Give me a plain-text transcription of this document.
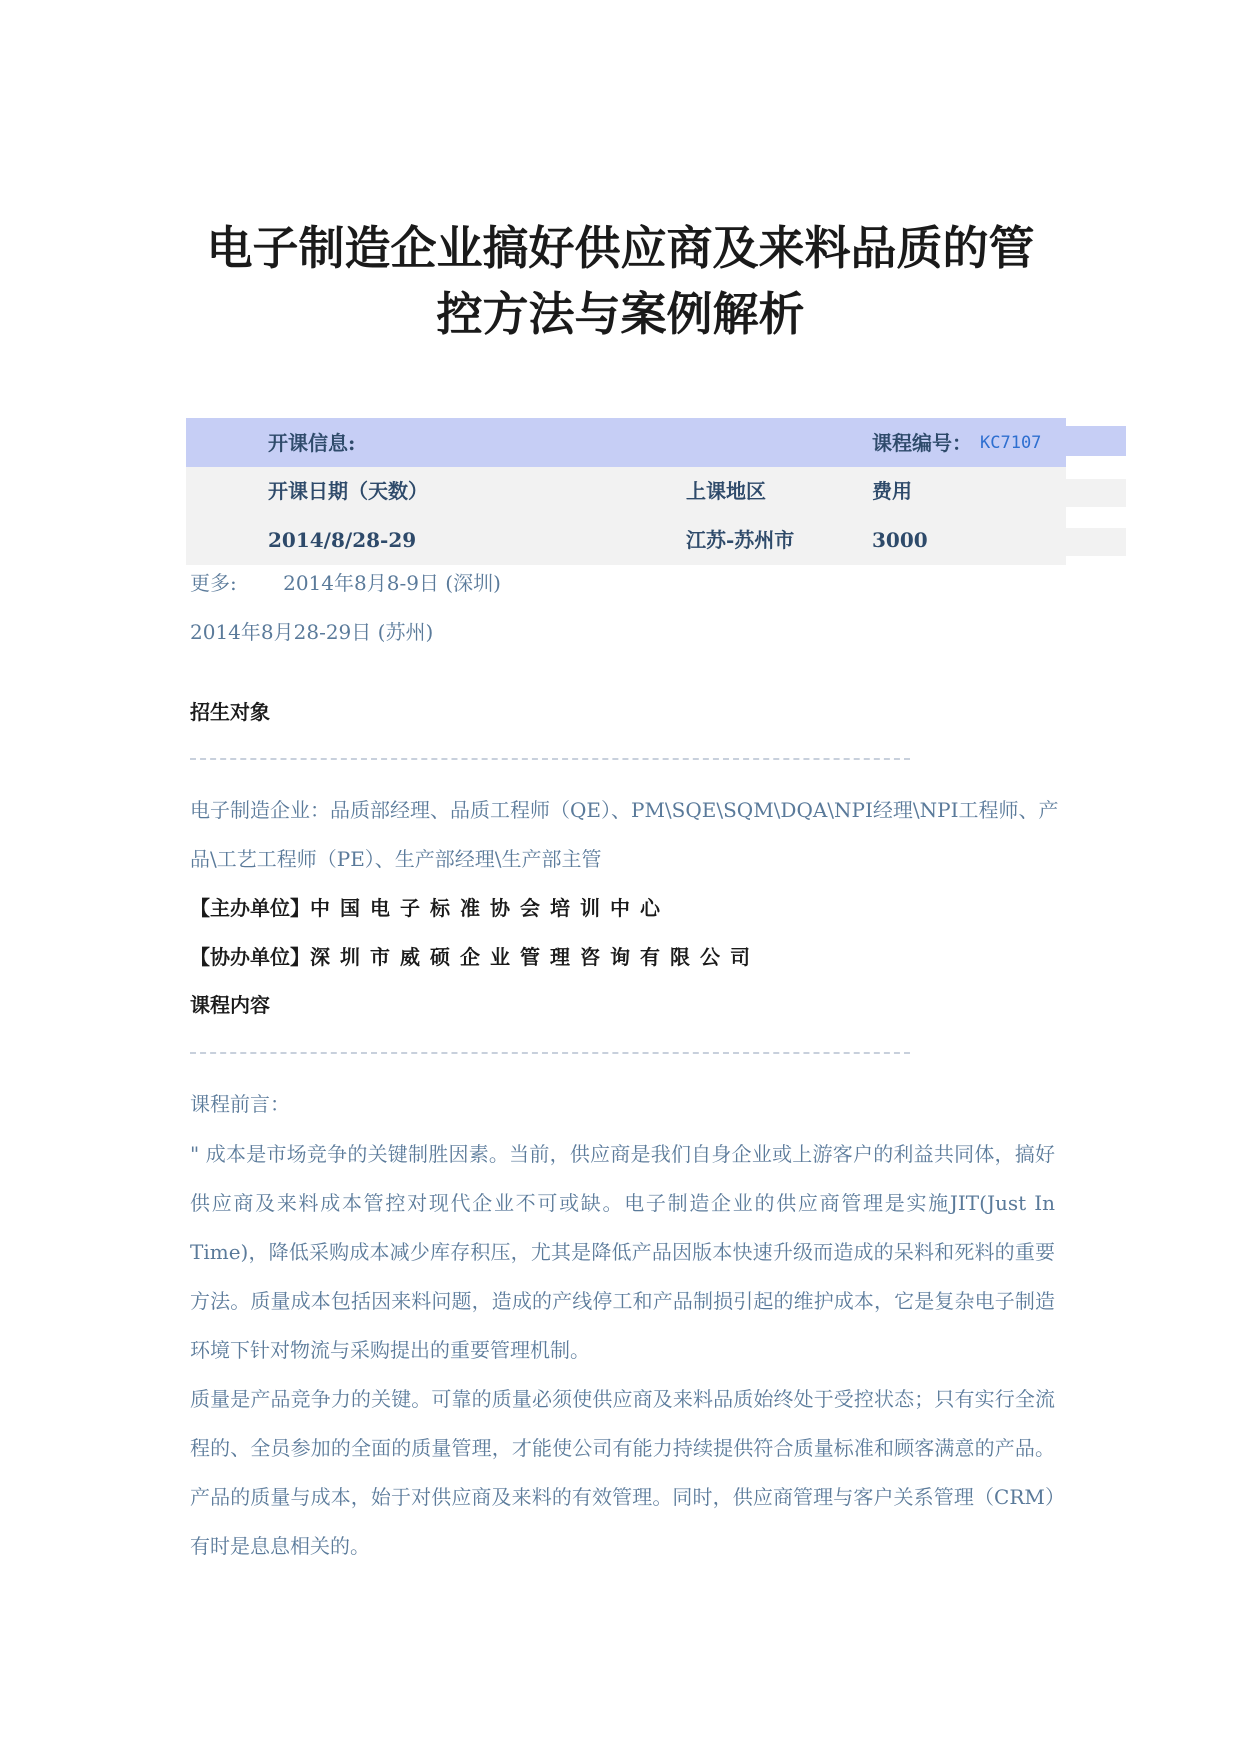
电子制造企业搞好供应商及来料品质的管
控方法与案例解析
开课信息:	课程编号： KC7107
开课日期（天数）	上课地区	费用
2014/8/28-29	江苏-苏州市	3000
更多: 2014年8月8-9日 (深圳)
2014年8月28-29日 (苏州)
招生对象
电子制造企业：品质部经理、品质工程师（QE）、PM\SQE\SQM\DQA\NPI经理\NPI工程师、产
品\工艺工程师（PE）、生产部经理\生产部主管
【主办单位】中国电子标准协会培训中心
【协办单位】深圳市威硕企业管理咨询有限公司
课程内容
课程前言：

" 成本是市场竞争的关键制胜因素。当前，供应商是我们自身企业或上游客户的利益共同体，搞好供应商及来料成本管控对现代企业不可或缺。电子制造企业的供应商管理是实施JIT(Just In Time)，降低采购成本减少库存积压，尤其是降低产品因版本快速升级而造成的呆料和死料的重要方法。质量成本包括因来料问题，造成的产线停工和产品制损引起的维护成本，它是复杂电子制造环境下针对物流与采购提出的重要管理机制。

质量是产品竞争力的关键。可靠的质量必须使供应商及来料品质始终处于受控状态；只有实行全流程的、全员参加的全面的质量管理，才能使公司有能力持续提供符合质量标准和顾客满意的产品。产品的质量与成本，始于对供应商及来料的有效管理。同时，供应商管理与客户关系管理（CRM）有时是息息相关的。
